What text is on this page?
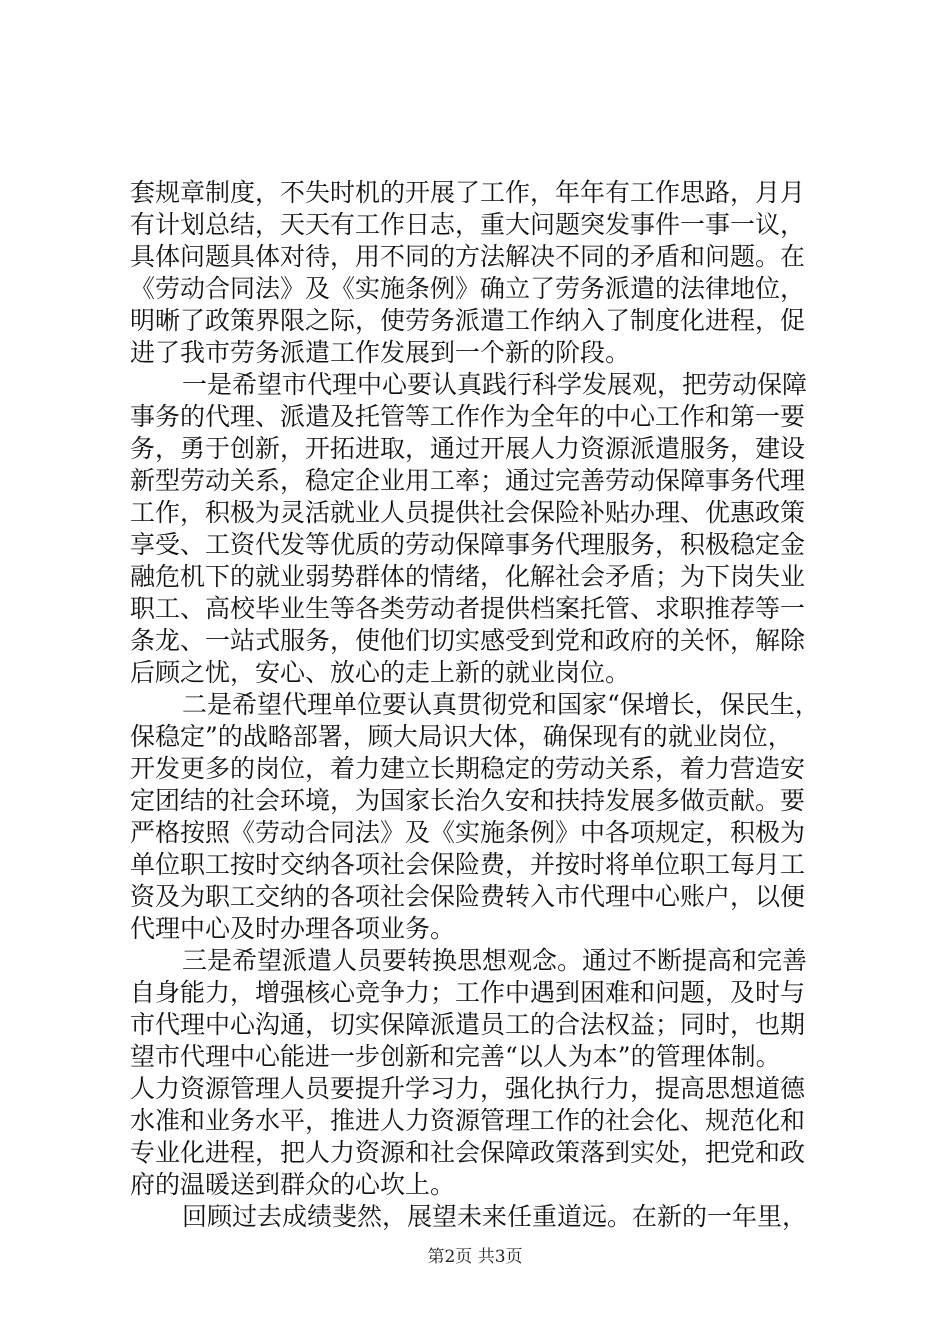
套规章制度，不失时机的开展了工作，年年有工作思路，月月
有计划总结，天天有工作日志，重大问题突发事件一事一议，
具体问题具体对待，用不同的方法解决不同的矛盾和问题。在
《劳动合同法》及《实施条例》确立了劳务派遣的法律地位，
明晰了政策界限之际，使劳务派遣工作纳入了制度化进程，促
进了我市劳务派遣工作发展到一个新的阶段。
一是希望市代理中心要认真践行科学发展观，把劳动保障
事务的代理、派遣及托管等工作作为全年的中心工作和第一要
务，勇于创新，开拓进取，通过开展人力资源派遣服务，建设
新型劳动关系，稳定企业用工率；通过完善劳动保障事务代理
工作，积极为灵活就业人员提供社会保险补贴办理、优惠政策
享受、工资代发等优质的劳动保障事务代理服务，积极稳定金
融危机下的就业弱势群体的情绪，化解社会矛盾；为下岗失业
职工、高校毕业生等各类劳动者提供档案托管、求职推荐等一
条龙、一站式服务，使他们切实感受到党和政府的关怀，解除
后顾之忧，安心、放心的走上新的就业岗位。
二是希望代理单位要认真贯彻党和国家“保增长，保民生，
保稳定”的战略部署，顾大局识大体，确保现有的就业岗位，
开发更多的岗位，着力建立长期稳定的劳动关系，着力营造安
定团结的社会环境，为国家长治久安和扶持发展多做贡献。要
严格按照《劳动合同法》及《实施条例》中各项规定，积极为
单位职工按时交纳各项社会保险费，并按时将单位职工每月工
资及为职工交纳的各项社会保险费转入市代理中心账户，以便
代理中心及时办理各项业务。
三是希望派遣人员要转换思想观念。通过不断提高和完善
自身能力，增强核心竞争力；工作中遇到困难和问题，及时与
市代理中心沟通，切实保障派遣员工的合法权益；同时，也期
望市代理中心能进一步创新和完善“以人为本”的管理体制。
人力资源管理人员要提升学习力，强化执行力，提高思想道德
水准和业务水平，推进人力资源管理工作的社会化、规范化和
专业化进程，把人力资源和社会保障政策落到实处，把党和政
府的温暖送到群众的心坎上。
回顾过去成绩斐然，展望未来任重道远。在新的一年里，
第2页 共3页
